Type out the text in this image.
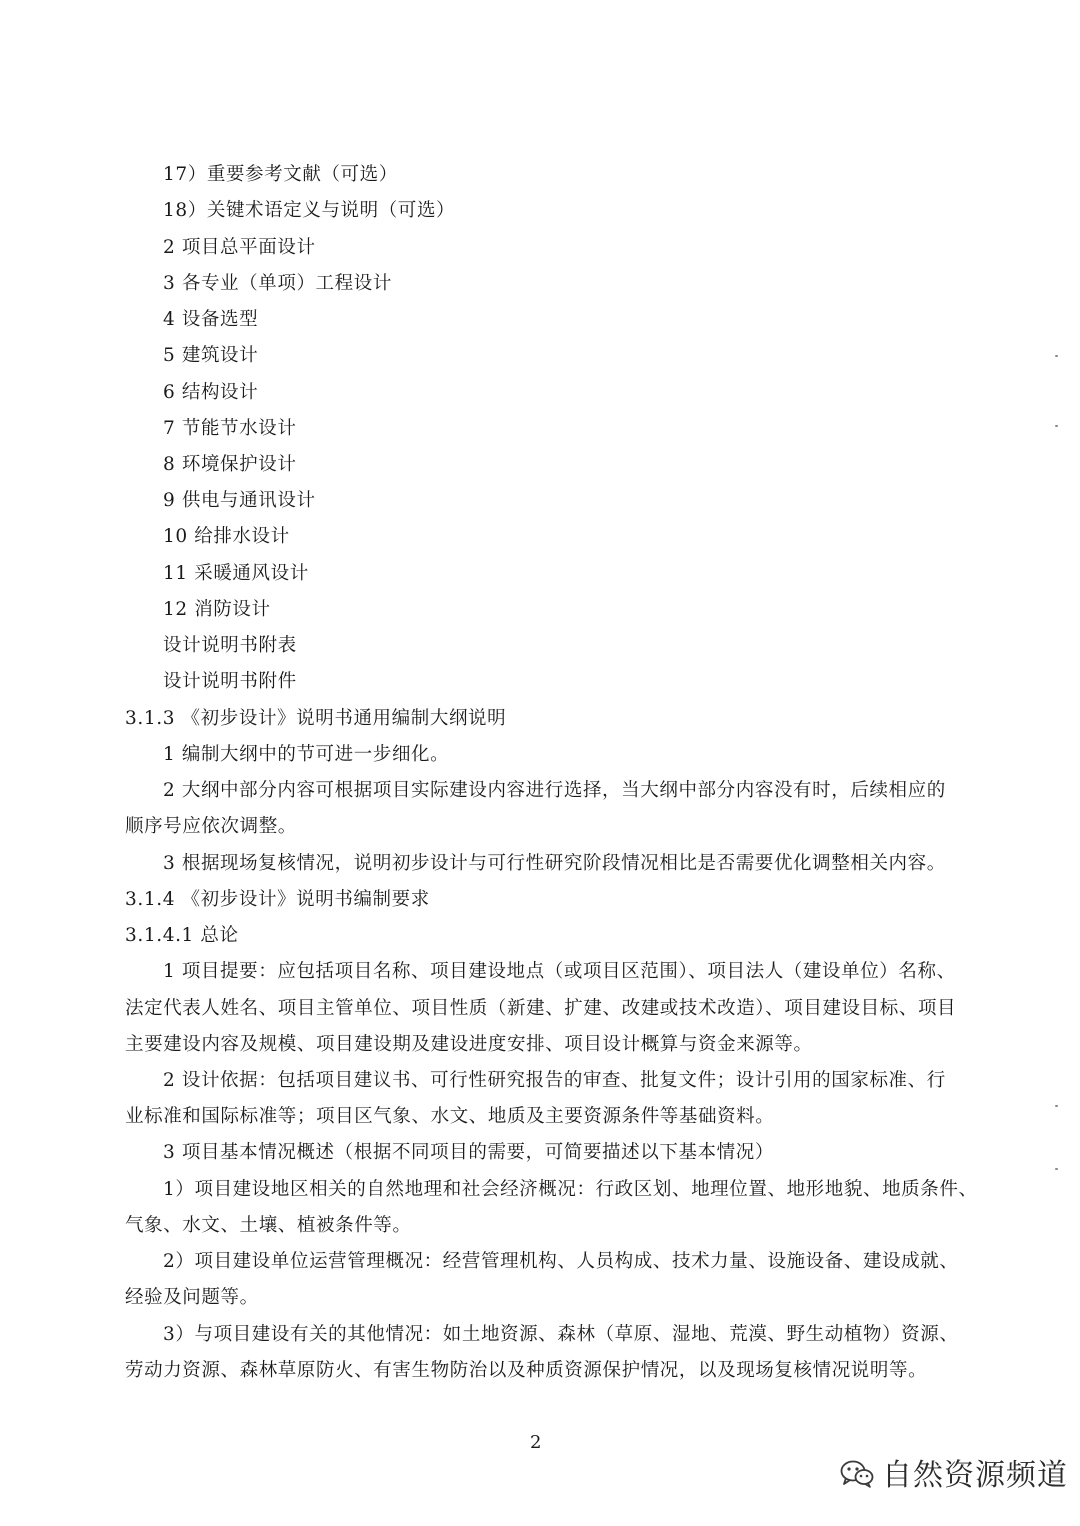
17）重要参考文献（可选）
18）关键术语定义与说明（可选）
2 项目总平面设计
3 各专业（单项）工程设计
4 设备选型
5 建筑设计
6 结构设计
7 节能节水设计
8 环境保护设计
9 供电与通讯设计
10 给排水设计
11 采暖通风设计
12 消防设计
设计说明书附表
设计说明书附件
3.1.3 《初步设计》说明书通用编制大纲说明
1 编制大纲中的节可进一步细化。
2 大纲中部分内容可根据项目实际建设内容进行选择，当大纲中部分内容没有时，后续相应的
顺序号应依次调整。
3 根据现场复核情况，说明初步设计与可行性研究阶段情况相比是否需要优化调整相关内容。
3.1.4 《初步设计》说明书编制要求
3.1.4.1 总论
1 项目提要：应包括项目名称、项目建设地点（或项目区范围）、项目法人（建设单位）名称、
法定代表人姓名、项目主管单位、项目性质（新建、扩建、改建或技术改造）、项目建设目标、项目
主要建设内容及规模、项目建设期及建设进度安排、项目设计概算与资金来源等。
2 设计依据：包括项目建议书、可行性研究报告的审查、批复文件；设计引用的国家标准、行
业标准和国际标准等；项目区气象、水文、地质及主要资源条件等基础资料。
3 项目基本情况概述（根据不同项目的需要，可简要描述以下基本情况）
1）项目建设地区相关的自然地理和社会经济概况：行政区划、地理位置、地形地貌、地质条件、
气象、水文、土壤、植被条件等。
2）项目建设单位运营管理概况：经营管理机构、人员构成、技术力量、设施设备、建设成就、
经验及问题等。
3）与项目建设有关的其他情况：如土地资源、森林（草原、湿地、荒漠、野生动植物）资源、
劳动力资源、森林草原防火、有害生物防治以及种质资源保护情况，以及现场复核情况说明等。
2
自然资源频道
